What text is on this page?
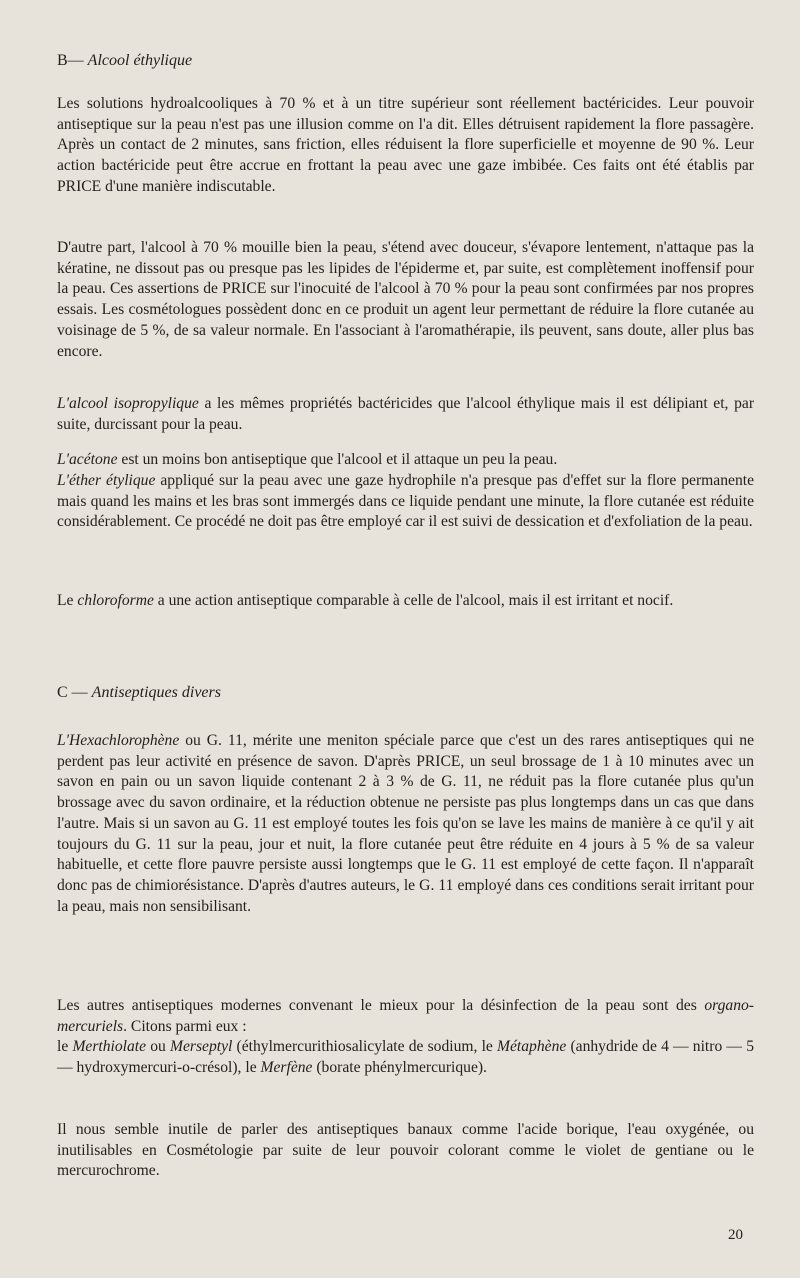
B— Alcool éthylique

Les solutions hydroalcooliques à 70 % et à un titre supérieur sont réellement bactéricides. Leur pouvoir antiseptique sur la peau n'est pas une illusion comme on l'a dit. Elles détruisent rapidement la flore passagère. Après un contact de 2 minutes, sans friction, elles réduisent la flore superficielle et moyenne de 90 %. Leur action bactéricide peut être accrue en frottant la peau avec une gaze imbibée. Ces faits ont été établis par PRICE d'une manière indiscutable.

D'autre part, l'alcool à 70 % mouille bien la peau, s'étend avec douceur, s'évapore lentement, n'attaque pas la kératine, ne dissout pas ou presque pas les lipides de l'épiderme et, par suite, est complètement inoffensif pour la peau. Ces assertions de PRICE sur l'inocuité de l'alcool à 70 % pour la peau sont confirmées par nos propres essais. Les cosmétologues possèdent donc en ce produit un agent leur permettant de réduire la flore cutanée au voisinage de 5 %, de sa valeur normale. En l'associant à l'aromathérapie, ils peuvent, sans doute, aller plus bas encore.

L'alcool isopropylique a les mêmes propriétés bactéricides que l'alcool éthylique mais il est délipiant et, par suite, durcissant pour la peau.

L'acétone est un moins bon antiseptique que l'alcool et il attaque un peu la peau.

L'éther étylique appliqué sur la peau avec une gaze hydrophile n'a presque pas d'effet sur la flore permanente mais quand les mains et les bras sont immergés dans ce liquide pendant une minute, la flore cutanée est réduite considérablement. Ce procédé ne doit pas être employé car il est suivi de dessication et d'exfoliation de la peau.

Le chloroforme a une action antiseptique comparable à celle de l'alcool, mais il est irritant et nocif.

C — Antiseptiques divers

L'Hexachlorophène ou G. 11, mérite une meniton spéciale parce que c'est un des rares antiseptiques qui ne perdent pas leur activité en présence de savon. D'après PRICE, un seul brossage de 1 à 10 minutes avec un savon en pain ou un savon liquide contenant 2 à 3 % de G. 11, ne réduit pas la flore cutanée plus qu'un brossage avec du savon ordinaire, et la réduction obtenue ne persiste pas plus longtemps dans un cas que dans l'autre. Mais si un savon au G. 11 est employé toutes les fois qu'on se lave les mains de manière à ce qu'il y ait toujours du G. 11 sur la peau, jour et nuit, la flore cutanée peut être réduite en 4 jours à 5 % de sa valeur habituelle, et cette flore pauvre persiste aussi longtemps que le G. 11 est employé de cette façon. Il n'apparaît donc pas de chimiorésistance. D'après d'autres auteurs, le G. 11 employé dans ces conditions serait irritant pour la peau, mais non sensibilisant.

Les autres antiseptiques modernes convenant le mieux pour la désinfection de la peau sont des organo-mercuriels. Citons parmi eux :
le Merthiolate ou Merseptyl (éthylmercurithiosalicylate de sodium, le Métaphène (anhydride de 4 — nitro — 5 — hydroxymercuri-o-crésol), le Merfène (borate phénylmercurique).

Il nous semble inutile de parler des antiseptiques banaux comme l'acide borique, l'eau oxygénée, ou inutilisables en Cosmétologie par suite de leur pouvoir colorant comme le violet de gentiane ou le mercurochrome.

20
